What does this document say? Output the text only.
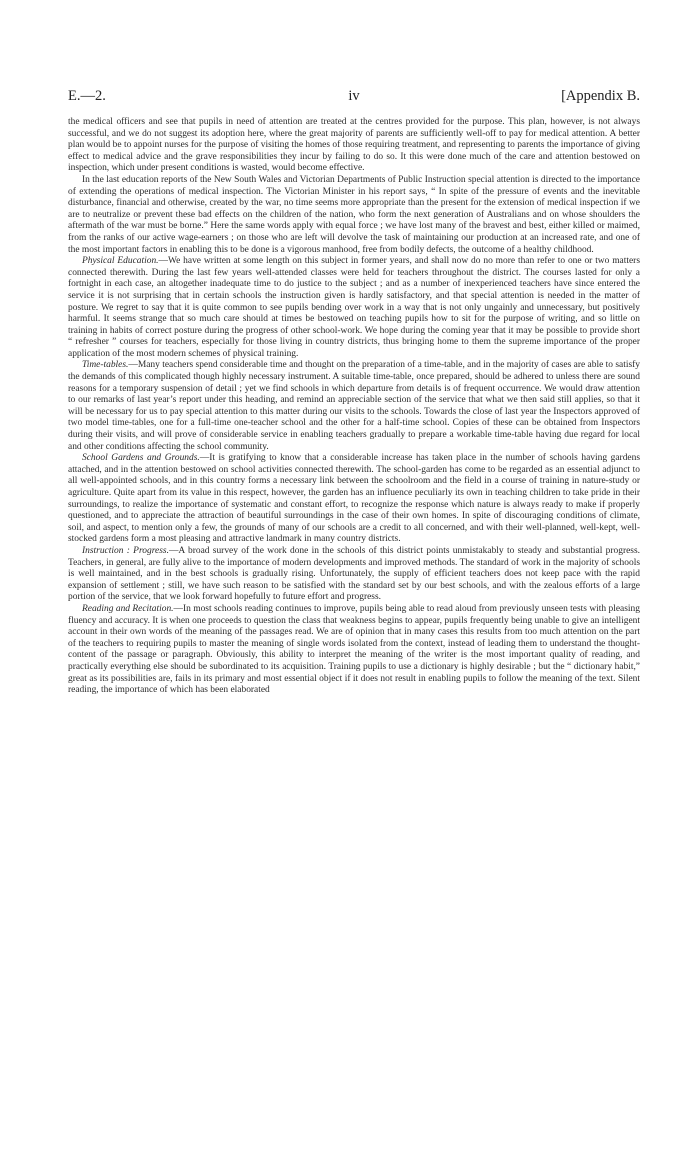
E.—2.	iv	[Appendix B.

the medical officers and see that pupils in need of attention are treated at the centres provided for the purpose. This plan, however, is not always successful, and we do not suggest its adoption here, where the great majority of parents are sufficiently well-off to pay for medical attention. A better plan would be to appoint nurses for the purpose of visiting the homes of those requiring treatment, and representing to parents the importance of giving effect to medical advice and the grave responsibilities they incur by failing to do so. It this were done much of the care and attention bestowed on inspection, which under present conditions is wasted, would become effective.

In the last education reports of the New South Wales and Victorian Departments of Public Instruction special attention is directed to the importance of extending the operations of medical inspection. The Victorian Minister in his report says, “ In spite of the pressure of events and the inevitable disturbance, financial and otherwise, created by the war, no time seems more appropriate than the present for the extension of medical inspection if we are to neutralize or prevent these bad effects on the children of the nation, who form the next generation of Australians and on whose shoulders the aftermath of the war must be borne.” Here the same words apply with equal force ; we have lost many of the bravest and best, either killed or maimed, from the ranks of our active wage-earners ; on those who are left will devolve the task of maintaining our production at an increased rate, and one of the most important factors in enabling this to be done is a vigorous manhood, free from bodily defects, the outcome of a healthy childhood.

Physical Education.—We have written at some length on this subject in former years, and shall now do no more than refer to one or two matters connected therewith. During the last few years well-attended classes were held for teachers throughout the district. The courses lasted for only a fortnight in each case, an altogether inadequate time to do justice to the subject ; and as a number of inexperienced teachers have since entered the service it is not surprising that in certain schools the instruction given is hardly satisfactory, and that special attention is needed in the matter of posture. We regret to say that it is quite common to see pupils bending over work in a way that is not only ungainly and unnecessary, but positively harmful. It seems strange that so much care should at times be bestowed on teaching pupils how to sit for the purpose of writing, and so little on training in habits of correct posture during the progress of other school-work. We hope during the coming year that it may be possible to provide short “ refresher ” courses for teachers, especially for those living in country districts, thus bringing home to them the supreme importance of the proper application of the most modern schemes of physical training.

Time-tables.—Many teachers spend considerable time and thought on the preparation of a time-table, and in the majority of cases are able to satisfy the demands of this complicated though highly necessary instrument. A suitable time-table, once prepared, should be adhered to unless there are sound reasons for a temporary suspension of detail ; yet we find schools in which departure from details is of frequent occurrence. We would draw attention to our remarks of last year’s report under this heading, and remind an appreciable section of the service that what we then said still applies, so that it will be necessary for us to pay special attention to this matter during our visits to the schools. Towards the close of last year the Inspectors approved of two model time-tables, one for a full-time one-teacher school and the other for a half-time school. Copies of these can be obtained from Inspectors during their visits, and will prove of considerable service in enabling teachers gradually to prepare a workable time-table having due regard for local and other conditions affecting the school community.

School Gardens and Grounds.—It is gratifying to know that a considerable increase has taken place in the number of schools having gardens attached, and in the attention bestowed on school activities connected therewith. The school-garden has come to be regarded as an essential adjunct to all well-appointed schools, and in this country forms a necessary link between the schoolroom and the field in a course of training in nature-study or agriculture. Quite apart from its value in this respect, however, the garden has an influence peculiarly its own in teaching children to take pride in their surroundings, to realize the importance of systematic and constant effort, to recognize the response which nature is always ready to make if properly questioned, and to appreciate the attraction of beautiful surroundings in the case of their own homes. In spite of discouraging conditions of climate, soil, and aspect, to mention only a few, the grounds of many of our schools are a credit to all concerned, and with their well-planned, well-kept, well-stocked gardens form a most pleasing and attractive landmark in many country districts.

Instruction : Progress.—A broad survey of the work done in the schools of this district points unmistakably to steady and substantial progress. Teachers, in general, are fully alive to the importance of modern developments and improved methods. The standard of work in the majority of schools is well maintained, and in the best schools is gradually rising. Unfortunately, the supply of efficient teachers does not keep pace with the rapid expansion of settlement ; still, we have such reason to be satisfied with the standard set by our best schools, and with the zealous efforts of a large portion of the service, that we look forward hopefully to future effort and progress.

Reading and Recitation.—In most schools reading continues to improve, pupils being able to read aloud from previously unseen tests with pleasing fluency and accuracy. It is when one proceeds to question the class that weakness begins to appear, pupils frequently being unable to give an intelligent account in their own words of the meaning of the passages read. We are of opinion that in many cases this results from too much attention on the part of the teachers to requiring pupils to master the meaning of single words isolated from the context, instead of leading them to understand the thought-content of the passage or paragraph. Obviously, this ability to interpret the meaning of the writer is the most important quality of reading, and practically everything else should be subordinated to its acquisition. Training pupils to use a dictionary is highly desirable ; but the “ dictionary habit,” great as its possibilities are, fails in its primary and most essential object if it does not result in enabling pupils to follow the meaning of the text. Silent reading, the importance of which has been elaborated
